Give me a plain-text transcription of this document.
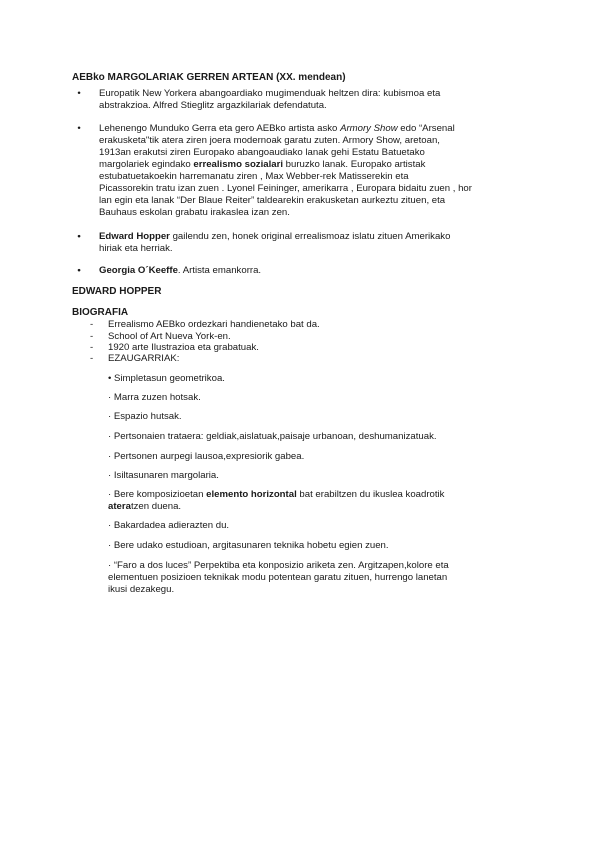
AEBko MARGOLARIAK GERREN ARTEAN (XX. mendean)
•	Europatik New Yorkera abangoardiako mugimenduak heltzen dira: kubismoa eta
abstrakzioa. Alfred Stieglitz argazkilariak defendatuta.
•	Lehenengo Munduko Gerra eta gero AEBko artista asko Armory Show edo “Arsenal
erakusketa"tik atera ziren joera modernoak garatu zuten. Armory Show, aretoan,
1913an erakutsi ziren Europako abangoaudiako lanak gehi Estatu Batuetako
margolariek egindako errealismo sozialari buruzko lanak. Europako artistak
estubatuetakoekin harremanatu ziren , Max Webber-rek Matisserekin eta
Picassorekin tratu izan zuen . Lyonel Feininger, amerikarra , Europara bidaitu zuen , hor
lan egin eta lanak “Der Blaue Reiter” taldearekin erakusketan aurkeztu zituen, eta
Bauhaus eskolan grabatu irakaslea izan zen.
•	Edward Hopper gailendu zen, honek original errealismoaz islatu zituen Amerikako
hiriak eta herriak.
•	Georgia O´Keeffe. Artista emankorra.
EDWARD HOPPER
BIOGRAFIA
-	Errealismo AEBko ordezkari handienetako bat da.
-	School of Art Nueva York-en.
-	1920 arte Ilustrazioa eta grabatuak.
-	EZAUGARRIAK:
• Simpletasun geometrikoa.
· Marra zuzen hotsak.
· Espazio hutsak.
· Pertsonaien trataera: geldiak,aislatuak,paisaje urbanoan, deshumanizatuak.
· Pertsonen aurpegi lausoa,expresiorik gabea.
· Isiltasunaren margolaria.
· Bere komposizioetan elemento horizontal bat erabiltzen du ikuslea koadrotik
ateratzen duena.
· Bakardadea adierazten du.
· Bere udako estudioan, argitasunaren teknika hobetu egien zuen.
· “Faro a dos luces” Perpektiba eta konposizio ariketa zen. Argitzapen,kolore eta
elementuen posizioen teknikak modu potentean garatu zituen, hurrengo lanetan
ikusi dezakegu.
